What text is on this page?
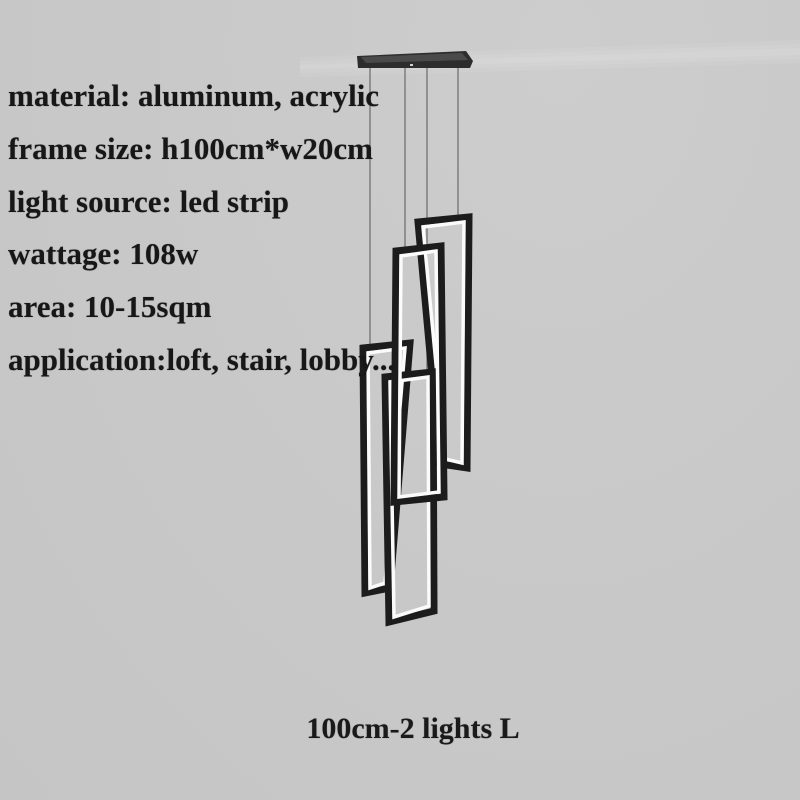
material: aluminum, acrylic
frame size: h100cm*w20cm
light source: led strip
wattage: 108w
area: 10-15sqm
application:loft, stair, lobby...
100cm-2 lights L
